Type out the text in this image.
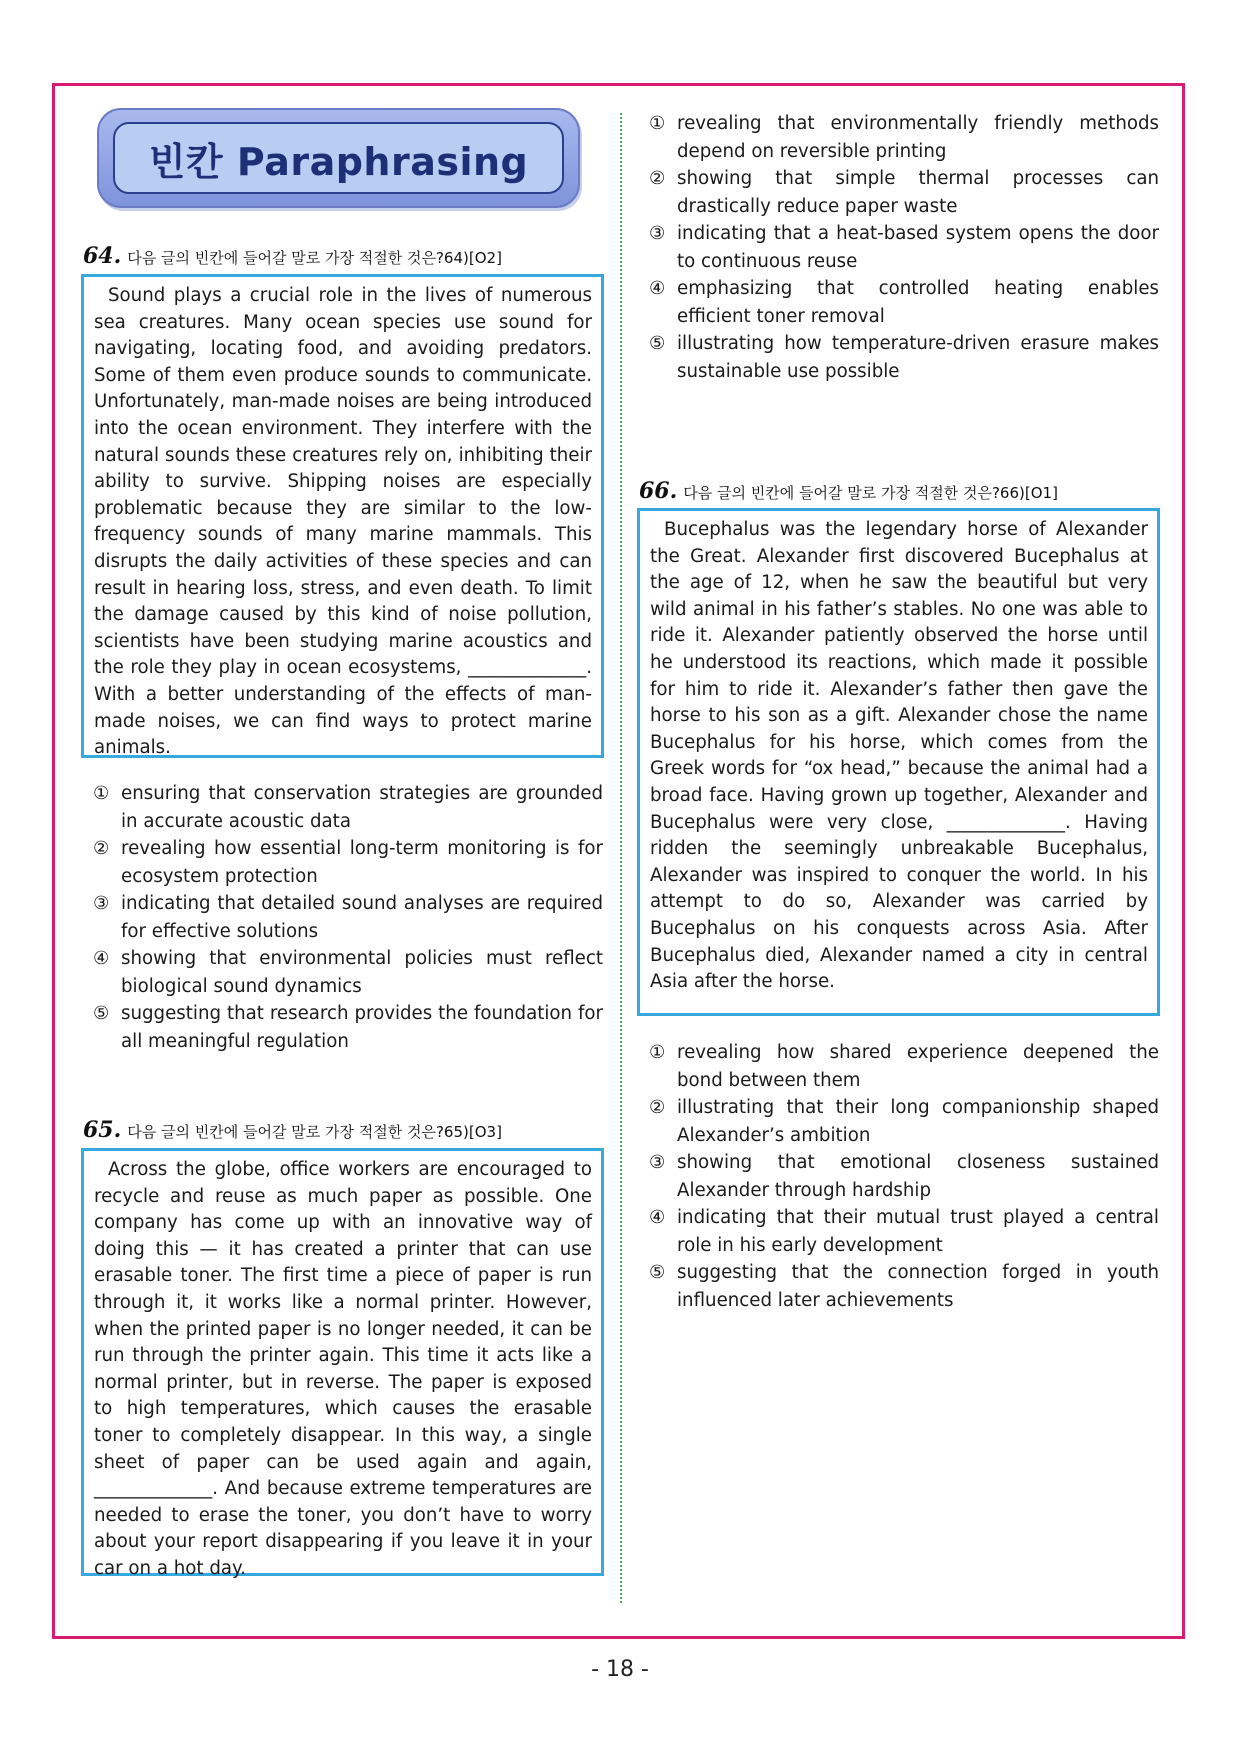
빈칸 Paraphrasing
64. 다음 글의 빈칸에 들어갈 말로 가장 적절한 것은?64)[O2]
Sound plays a crucial role in the lives of numerous sea creatures. Many ocean species use sound for navigating, locating food, and avoiding predators. Some of them even produce sounds to communicate. Unfortunately, man-made noises are being introduced into the ocean environment. They interfere with the natural sounds these creatures rely on, inhibiting their ability to survive. Shipping noises are especially problematic because they are similar to the low-frequency sounds of many marine mammals. This disrupts the daily activities of these species and can result in hearing loss, stress, and even death. To limit the damage caused by this kind of noise pollution, scientists have been studying marine acoustics and the role they play in ocean ecosystems, _____________. With a better understanding of the effects of man-made noises, we can find ways to protect marine animals.
① ensuring that conservation strategies are grounded in accurate acoustic data
② revealing how essential long-term monitoring is for ecosystem protection
③ indicating that detailed sound analyses are required for effective solutions
④ showing that environmental policies must reflect biological sound dynamics
⑤ suggesting that research provides the foundation for all meaningful regulation
65. 다음 글의 빈칸에 들어갈 말로 가장 적절한 것은?65)[O3]
Across the globe, office workers are encouraged to recycle and reuse as much paper as possible. One company has come up with an innovative way of doing this — it has created a printer that can use erasable toner. The first time a piece of paper is run through it, it works like a normal printer. However, when the printed paper is no longer needed, it can be run through the printer again. This time it acts like a normal printer, but in reverse. The paper is exposed to high temperatures, which causes the erasable toner to completely disappear. In this way, a single sheet of paper can be used again and again, _____________. And because extreme temperatures are needed to erase the toner, you don’t have to worry about your report disappearing if you leave it in your car on a hot day.
① revealing that environmentally friendly methods depend on reversible printing
② showing that simple thermal processes can drastically reduce paper waste
③ indicating that a heat-based system opens the door to continuous reuse
④ emphasizing that controlled heating enables efficient toner removal
⑤ illustrating how temperature-driven erasure makes sustainable use possible
66. 다음 글의 빈칸에 들어갈 말로 가장 적절한 것은?66)[O1]
Bucephalus was the legendary horse of Alexander the Great. Alexander first discovered Bucephalus at the age of 12, when he saw the beautiful but very wild animal in his father’s stables. No one was able to ride it. Alexander patiently observed the horse until he understood its reactions, which made it possible for him to ride it. Alexander’s father then gave the horse to his son as a gift. Alexander chose the name Bucephalus for his horse, which comes from the Greek words for “ox head,” because the animal had a broad face. Having grown up together, Alexander and Bucephalus were very close, _____________. Having ridden the seemingly unbreakable Bucephalus, Alexander was inspired to conquer the world. In his attempt to do so, Alexander was carried by Bucephalus on his conquests across Asia. After Bucephalus died, Alexander named a city in central Asia after the horse.
① revealing how shared experience deepened the bond between them
② illustrating that their long companionship shaped Alexander’s ambition
③ showing that emotional closeness sustained Alexander through hardship
④ indicating that their mutual trust played a central role in his early development
⑤ suggesting that the connection forged in youth influenced later achievements
- 18 -
